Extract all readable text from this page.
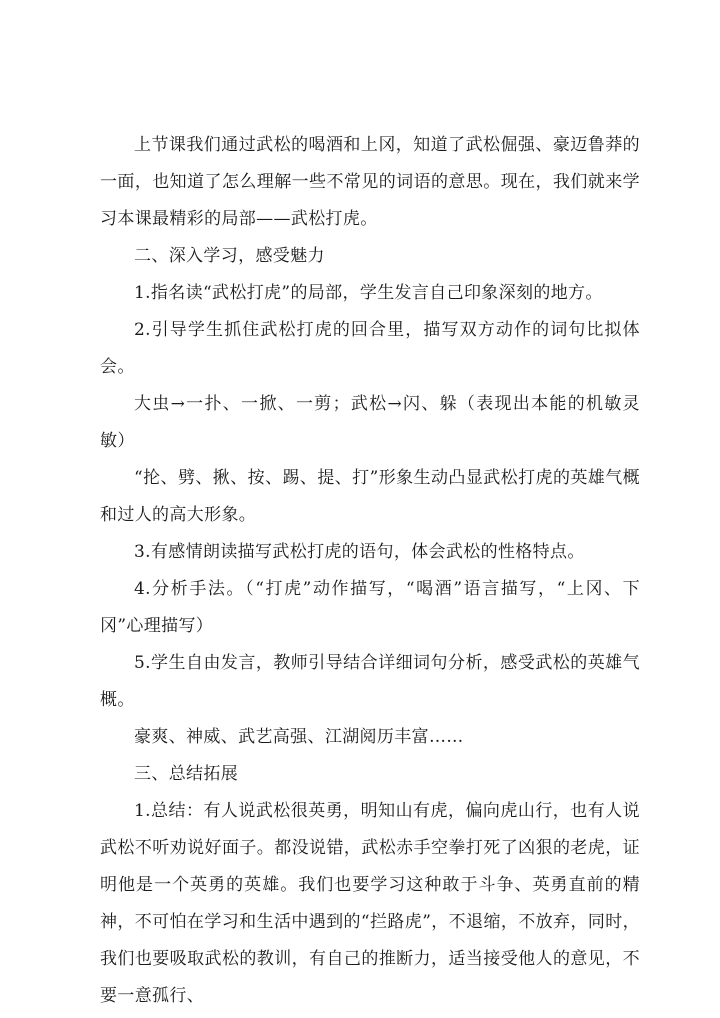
上节课我们通过武松的喝酒和上冈，知道了武松倔强、豪迈鲁莽的一面，也知道了怎么理解一些不常见的词语的意思。现在，我们就来学习本课最精彩的局部——武松打虎。

二、深入学习，感受魅力

1.指名读“武松打虎”的局部，学生发言自己印象深刻的地方。

2.引导学生抓住武松打虎的回合里，描写双方动作的词句比拟体会。

大虫→一扑、一掀、一剪；武松→闪、躲（表现出本能的机敏灵敏）

“抡、劈、揪、按、踢、提、打”形象生动凸显武松打虎的英雄气概和过人的高大形象。

3.有感情朗读描写武松打虎的语句，体会武松的性格特点。

4.分析手法。（“打虎”动作描写，“喝酒”语言描写，“上冈、下冈”心理描写）

5.学生自由发言，教师引导结合详细词句分析，感受武松的英雄气概。

豪爽、神威、武艺高强、江湖阅历丰富……

三、总结拓展

1.总结：有人说武松很英勇，明知山有虎，偏向虎山行，也有人说武松不听劝说好面子。都没说错，武松赤手空拳打死了凶狠的老虎，证明他是一个英勇的英雄。我们也要学习这种敢于斗争、英勇直前的精神，不可怕在学习和生活中遇到的“拦路虎”，不退缩，不放弃，同时，我们也要吸取武松的教训，有自己的推断力，适当接受他人的意见，不要一意孤行、
